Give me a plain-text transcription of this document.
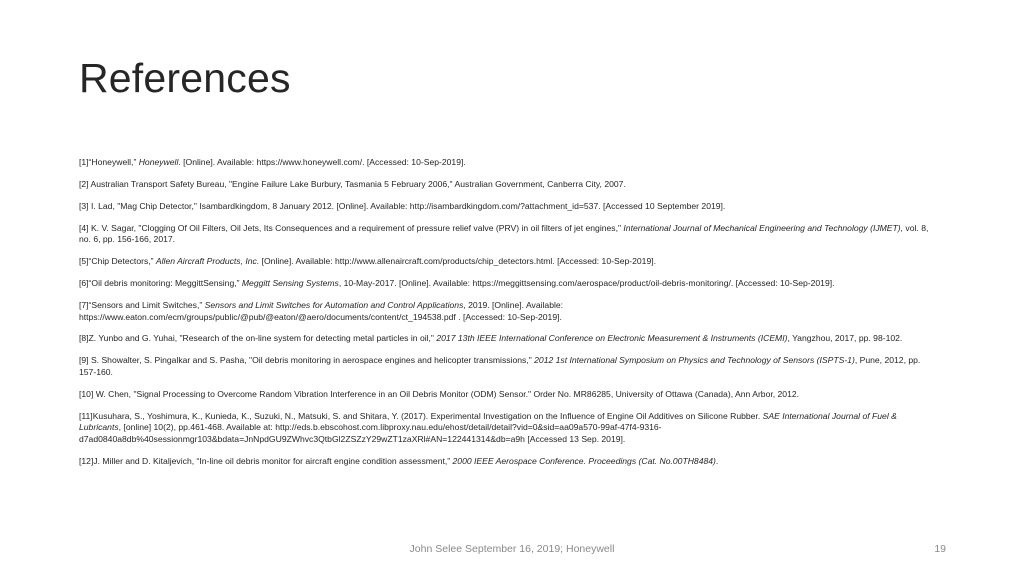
References
[1]“Honeywell,” Honeywell. [Online]. Available: https://www.honeywell.com/. [Accessed: 10-Sep-2019].
[2] Australian Transport Safety Bureau, "Engine Failure Lake Burbury, Tasmania 5 February 2006," Australian Government, Canberra City, 2007.
[3] I. Lad, "Mag Chip Detector," Isambardkingdom, 8 January 2012. [Online]. Available: http://isambardkingdom.com/?attachment_id=537. [Accessed 10 September 2019].
[4] K. V. Sagar, "Clogging Of Oil Filters, Oil Jets, Its Consequences and a requirement of pressure relief valve (PRV) in oil filters of jet engines," International Journal of Mechanical Engineering and Technology (IJMET), vol. 8, no. 6, pp. 156-166, 2017.
[5]“Chip Detectors,” Allen Aircraft Products, Inc. [Online]. Available: http://www.allenaircraft.com/products/chip_detectors.html. [Accessed: 10-Sep-2019].
[6]“Oil debris monitoring: MeggittSensing,” Meggitt Sensing Systems, 10-May-2017. [Online]. Available: https://meggittsensing.com/aerospace/product/oil-debris-monitoring/. [Accessed: 10-Sep-2019].
[7]“Sensors and Limit Switches,” Sensors and Limit Switches for Automation and Control Applications, 2019. [Online]. Available: https://www.eaton.com/ecm/groups/public/@pub/@eaton/@aero/documents/content/ct_194538.pdf . [Accessed: 10-Sep-2019].
[8]Z. Yunbo and G. Yuhai, "Research of the on-line system for detecting metal particles in oil," 2017 13th IEEE International Conference on Electronic Measurement & Instruments (ICEMI), Yangzhou, 2017, pp. 98-102.
[9] S. Showalter, S. Pingalkar and S. Pasha, "Oil debris monitoring in aerospace engines and helicopter transmissions," 2012 1st International Symposium on Physics and Technology of Sensors (ISPTS-1), Pune, 2012, pp. 157-160.
[10] W. Chen, "Signal Processing to Overcome Random Vibration Interference in an Oil Debris Monitor (ODM) Sensor." Order No. MR86285, University of Ottawa (Canada), Ann Arbor, 2012.
[11]Kusuhara, S., Yoshimura, K., Kunieda, K., Suzuki, N., Matsuki, S. and Shitara, Y. (2017). Experimental Investigation on the Influence of Engine Oil Additives on Silicone Rubber. SAE International Journal of Fuel & Lubricants, [online] 10(2), pp.461-468. Available at: http://eds.b.ebscohost.com.libproxy.nau.edu/ehost/detail/detail?vid=0&sid=aa09a570-99af-47f4-9316-d7ad0840a8db%40sessionmgr103&bdata=JnNpdGU9ZWhvc3QtbGl2ZSZzY29wZT1zaXRl#AN=122441314&db=a9h [Accessed 13 Sep. 2019].
[12]J. Miller and D. Kitaljevich, “In-line oil debris monitor for aircraft engine condition assessment,” 2000 IEEE Aerospace Conference. Proceedings (Cat. No.00TH8484).
John Selee September 16, 2019; Honeywell	19
